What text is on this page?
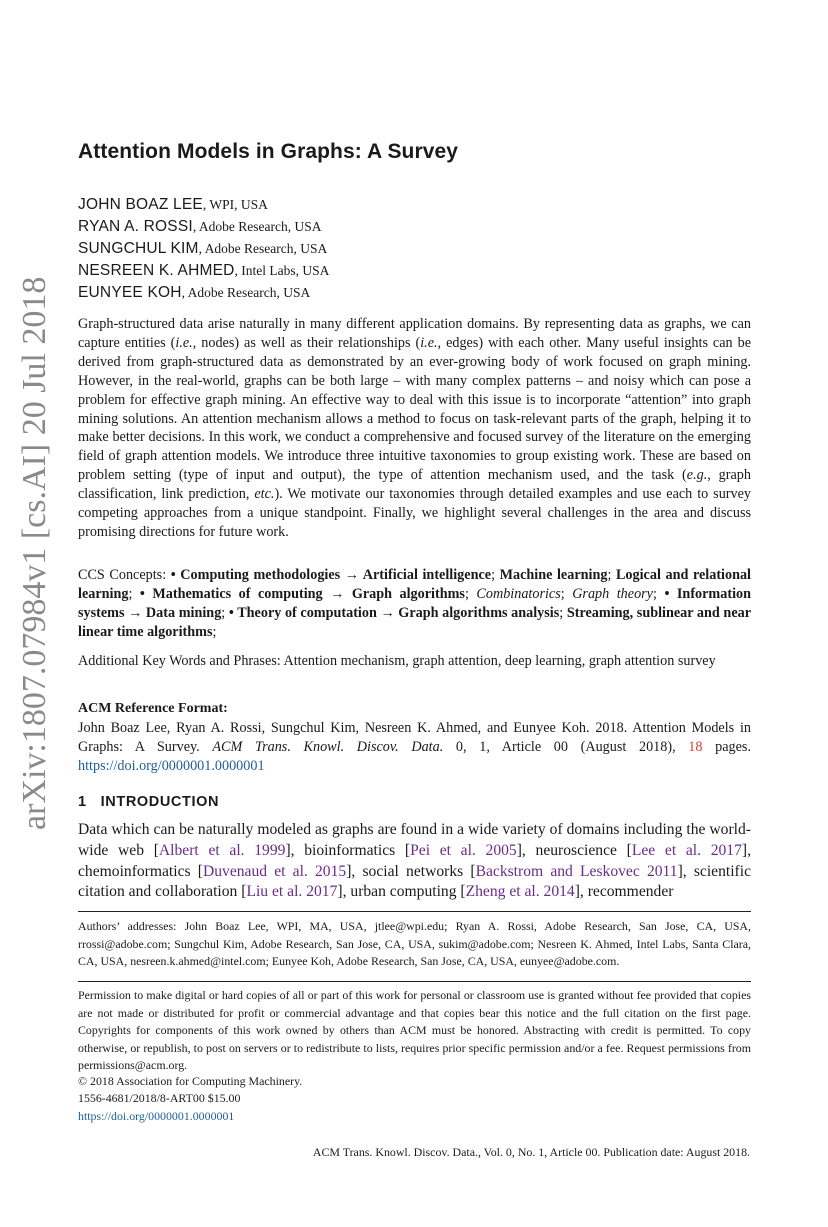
arXiv:1807.07984v1 [cs.AI] 20 Jul 2018
Attention Models in Graphs: A Survey
JOHN BOAZ LEE, WPI, USA
RYAN A. ROSSI, Adobe Research, USA
SUNGCHUL KIM, Adobe Research, USA
NESREEN K. AHMED, Intel Labs, USA
EUNYEE KOH, Adobe Research, USA

Graph-structured data arise naturally in many different application domains. By representing data as graphs, we can capture entities (i.e., nodes) as well as their relationships (i.e., edges) with each other. Many useful insights can be derived from graph-structured data as demonstrated by an ever-growing body of work focused on graph mining. However, in the real-world, graphs can be both large – with many complex patterns – and noisy which can pose a problem for effective graph mining. An effective way to deal with this issue is to incorporate “attention” into graph mining solutions. An attention mechanism allows a method to focus on task-relevant parts of the graph, helping it to make better decisions. In this work, we conduct a comprehensive and focused survey of the literature on the emerging field of graph attention models. We introduce three intuitive taxonomies to group existing work. These are based on problem setting (type of input and output), the type of attention mechanism used, and the task (e.g., graph classification, link prediction, etc.). We motivate our taxonomies through detailed examples and use each to survey competing approaches from a unique standpoint. Finally, we highlight several challenges in the area and discuss promising directions for future work.

CCS Concepts: • Computing methodologies → Artificial intelligence; Machine learning; Logical and relational learning; • Mathematics of computing → Graph algorithms; Combinatorics; Graph theory; • Information systems → Data mining; • Theory of computation → Graph algorithms analysis; Streaming, sublinear and near linear time algorithms;

Additional Key Words and Phrases: Attention mechanism, graph attention, deep learning, graph attention survey

ACM Reference Format:

John Boaz Lee, Ryan A. Rossi, Sungchul Kim, Nesreen K. Ahmed, and Eunyee Koh. 2018. Attention Models in Graphs: A Survey. ACM Trans. Knowl. Discov. Data. 0, 1, Article 00 (August 2018), 18 pages. https://doi.org/0000001.0000001

1 INTRODUCTION

Data which can be naturally modeled as graphs are found in a wide variety of domains including the world-wide web [Albert et al. 1999], bioinformatics [Pei et al. 2005], neuroscience [Lee et al. 2017], chemoinformatics [Duvenaud et al. 2015], social networks [Backstrom and Leskovec 2011], scientific citation and collaboration [Liu et al. 2017], urban computing [Zheng et al. 2014], recommender

Authors’ addresses: John Boaz Lee, WPI, MA, USA, jtlee@wpi.edu; Ryan A. Rossi, Adobe Research, San Jose, CA, USA, rrossi@adobe.com; Sungchul Kim, Adobe Research, San Jose, CA, USA, sukim@adobe.com; Nesreen K. Ahmed, Intel Labs, Santa Clara, CA, USA, nesreen.k.ahmed@intel.com; Eunyee Koh, Adobe Research, San Jose, CA, USA, eunyee@adobe.com.

Permission to make digital or hard copies of all or part of this work for personal or classroom use is granted without fee provided that copies are not made or distributed for profit or commercial advantage and that copies bear this notice and the full citation on the first page. Copyrights for components of this work owned by others than ACM must be honored. Abstracting with credit is permitted. To copy otherwise, or republish, to post on servers or to redistribute to lists, requires prior specific permission and/or a fee. Request permissions from permissions@acm.org.

© 2018 Association for Computing Machinery.
1556-4681/2018/8-ART00 $15.00
https://doi.org/0000001.0000001
ACM Trans. Knowl. Discov. Data., Vol. 0, No. 1, Article 00. Publication date: August 2018.
